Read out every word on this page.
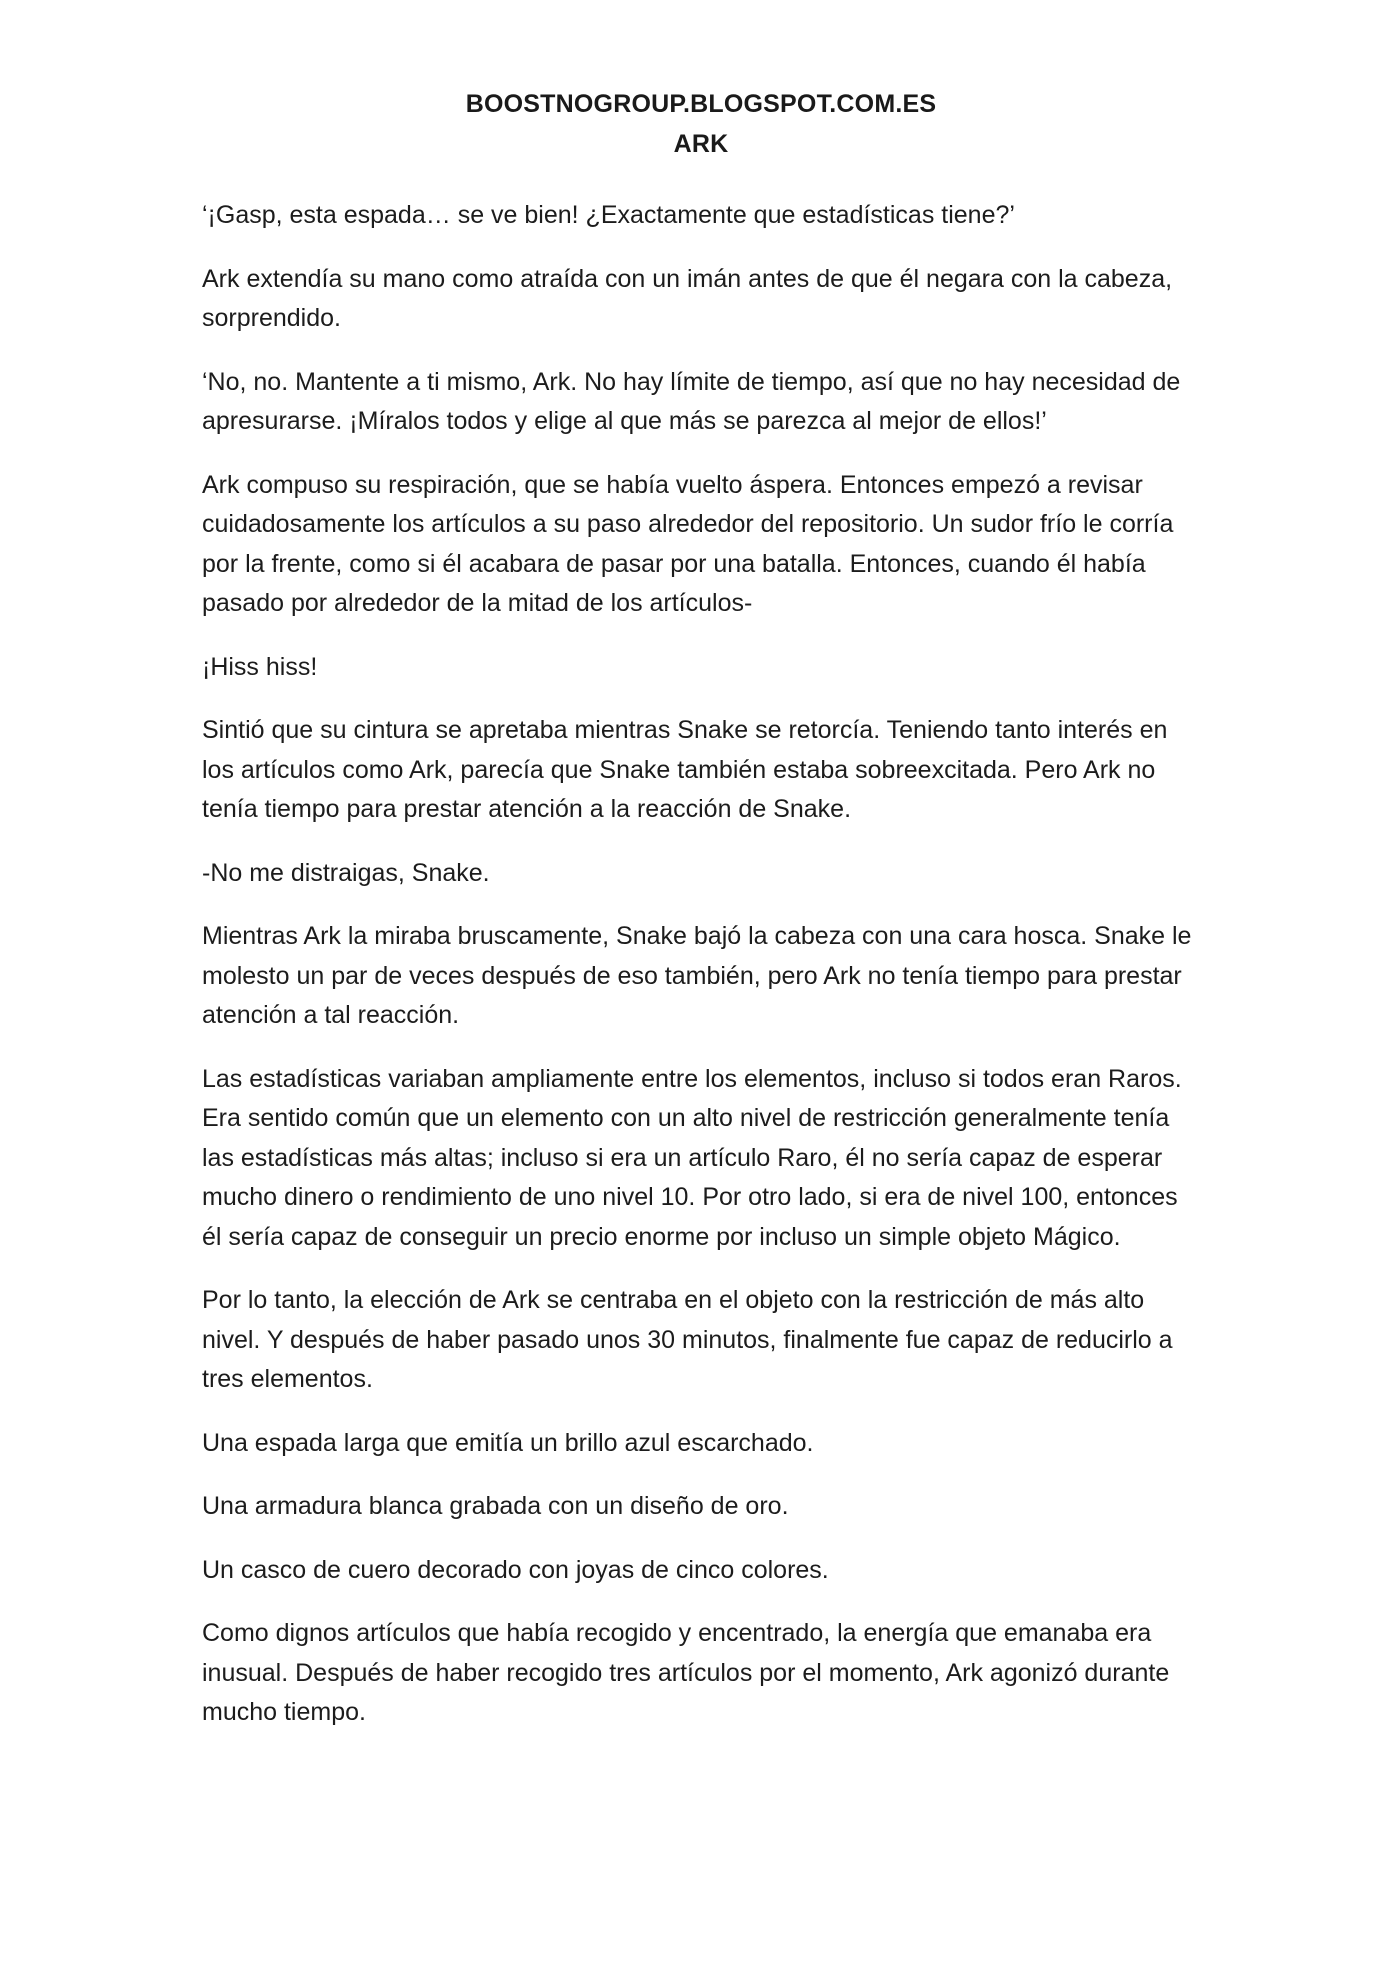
BOOSTNOGROUP.BLOGSPOT.COM.ES
ARK

‘¡Gasp, esta espada… se ve bien! ¿Exactamente que estadísticas tiene?’

Ark extendía su mano como atraída con un imán antes de que él negara con la cabeza, sorprendido.

‘No, no. Mantente a ti mismo, Ark. No hay límite de tiempo, así que no hay necesidad de apresurarse. ¡Míralos todos y elige al que más se parezca al mejor de ellos!’

Ark compuso su respiración, que se había vuelto áspera. Entonces empezó a revisar cuidadosamente los artículos a su paso alrededor del repositorio. Un sudor frío le corría por la frente, como si él acabara de pasar por una batalla. Entonces, cuando él había pasado por alrededor de la mitad de los artículos-

¡Hiss hiss!

Sintió que su cintura se apretaba mientras Snake se retorcía. Teniendo tanto interés en los artículos como Ark, parecía que Snake también estaba sobreexcitada. Pero Ark no tenía tiempo para prestar atención a la reacción de Snake.

-No me distraigas, Snake.

Mientras Ark la miraba bruscamente, Snake bajó la cabeza con una cara hosca. Snake le molesto un par de veces después de eso también, pero Ark no tenía tiempo para prestar atención a tal reacción.

Las estadísticas variaban ampliamente entre los elementos, incluso si todos eran Raros. Era sentido común que un elemento con un alto nivel de restricción generalmente tenía las estadísticas más altas; incluso si era un artículo Raro, él no sería capaz de esperar mucho dinero o rendimiento de uno nivel 10. Por otro lado, si era de nivel 100, entonces él sería capaz de conseguir un precio enorme por incluso un simple objeto Mágico.

Por lo tanto, la elección de Ark se centraba en el objeto con la restricción de más alto nivel. Y después de haber pasado unos 30 minutos, finalmente fue capaz de reducirlo a tres elementos.

Una espada larga que emitía un brillo azul escarchado.

Una armadura blanca grabada con un diseño de oro.

Un casco de cuero decorado con joyas de cinco colores.

Como dignos artículos que había recogido y encentrado, la energía que emanaba era inusual. Después de haber recogido tres artículos por el momento, Ark agonizó durante mucho tiempo.
